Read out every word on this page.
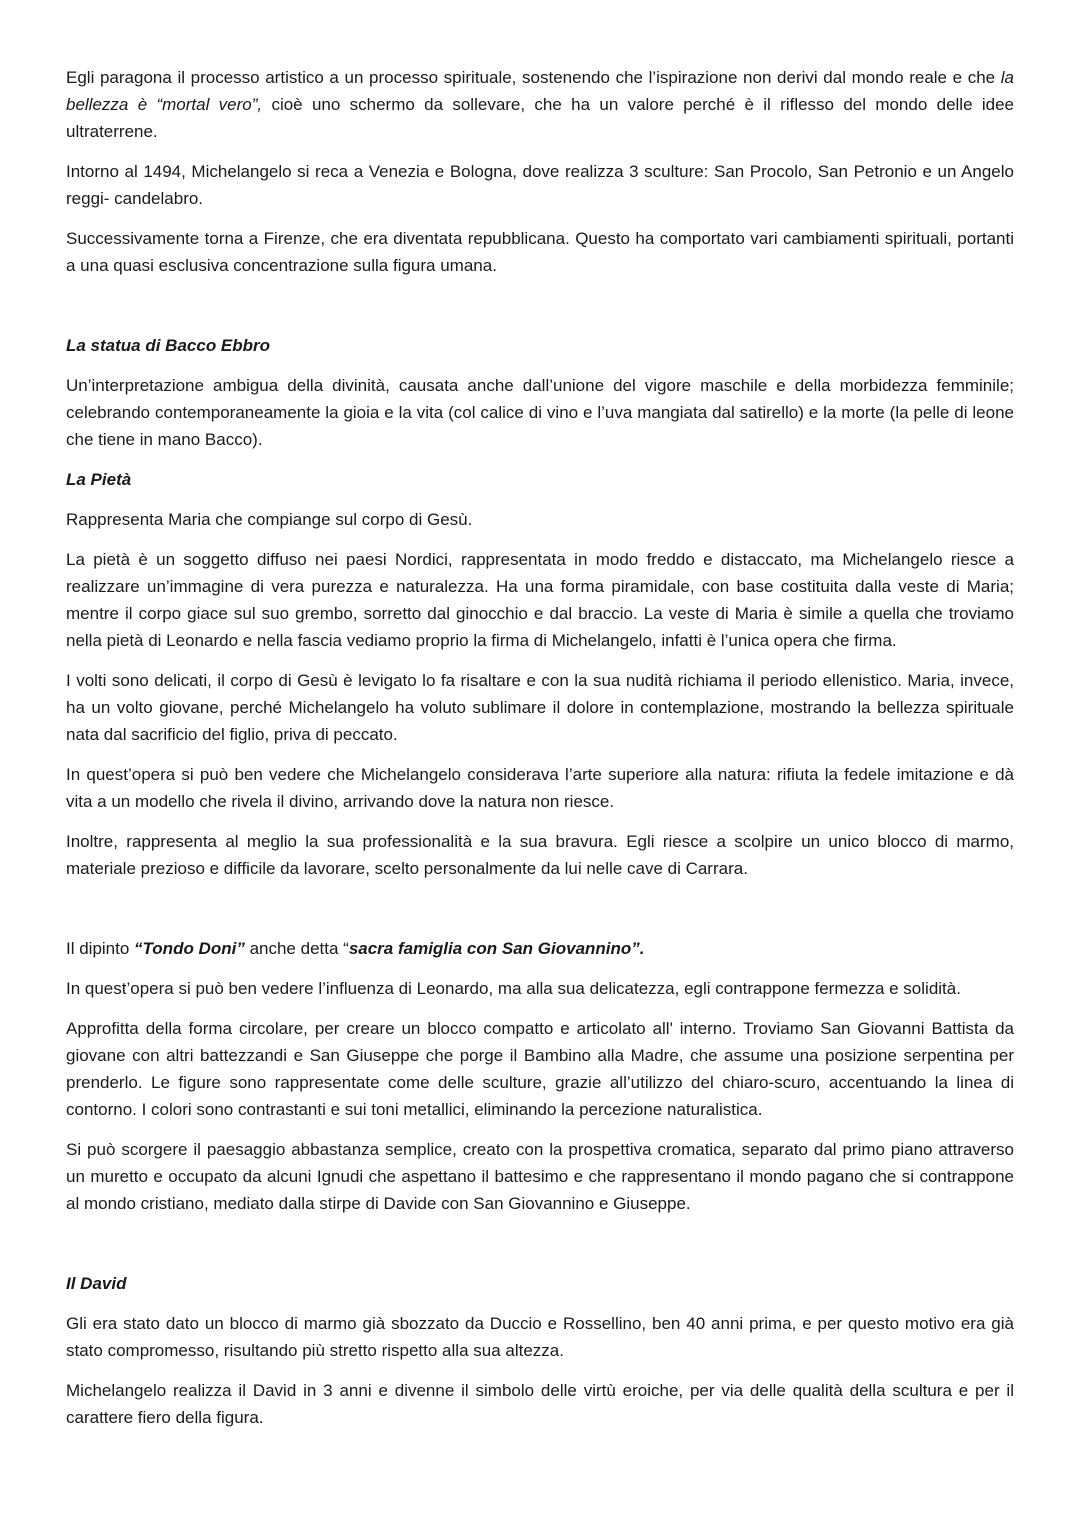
Egli paragona il processo artistico a un processo spirituale, sostenendo che l’ispirazione non derivi dal mondo reale e che la bellezza è “mortal vero”, cioè uno schermo da sollevare, che ha un valore perché è il riflesso del mondo delle idee ultraterrene.

Intorno al 1494, Michelangelo si reca a Venezia e Bologna, dove realizza 3 sculture: San Procolo, San Petronio e un Angelo reggi- candelabro.

Successivamente torna a Firenze, che era diventata repubblicana. Questo ha comportato vari cambiamenti spirituali, portanti a una quasi esclusiva concentrazione sulla figura umana.

La statua di Bacco Ebbro

Un’interpretazione ambigua della divinità, causata anche dall’unione del vigore maschile e della morbidezza femminile; celebrando contemporaneamente la gioia e la vita (col calice di vino e l’uva mangiata dal satirello) e la morte (la pelle di leone che tiene in mano Bacco).

La Pietà

Rappresenta Maria che compiange sul corpo di Gesù.

La pietà è un soggetto diffuso nei paesi Nordici, rappresentata in modo freddo e distaccato, ma Michelangelo riesce a realizzare un’immagine di vera purezza e naturalezza. Ha una forma piramidale, con base costituita dalla veste di Maria; mentre il corpo giace sul suo grembo, sorretto dal ginocchio e dal braccio. La veste di Maria è simile a quella che troviamo nella pietà di Leonardo e nella fascia vediamo proprio la firma di Michelangelo, infatti è l’unica opera che firma.

I volti sono delicati, il corpo di Gesù è levigato lo fa risaltare e con la sua nudità richiama il periodo ellenistico. Maria, invece, ha un volto giovane, perché Michelangelo ha voluto sublimare il dolore in contemplazione, mostrando la bellezza spirituale nata dal sacrificio del figlio, priva di peccato.

In quest’opera si può ben vedere che Michelangelo considerava l’arte superiore alla natura: rifiuta la fedele imitazione e dà vita a un modello che rivela il divino, arrivando dove la natura non riesce.

Inoltre, rappresenta al meglio la sua professionalità e la sua bravura. Egli riesce a scolpire un unico blocco di marmo, materiale prezioso e difficile da lavorare, scelto personalmente da lui nelle cave di Carrara.

Il dipinto “Tondo Doni” anche detta “sacra famiglia con San Giovannino”.

In quest’opera si può ben vedere l’influenza di Leonardo, ma alla sua delicatezza, egli contrappone fermezza e solidità.

Approfitta della forma circolare, per creare un blocco compatto e articolato all' interno. Troviamo San Giovanni Battista da giovane con altri battezzandi e San Giuseppe che porge il Bambino alla Madre, che assume una posizione serpentina per prenderlo. Le figure sono rappresentate come delle sculture, grazie all’utilizzo del chiaro-scuro, accentuando la linea di contorno. I colori sono contrastanti e sui toni metallici, eliminando la percezione naturalistica.

Si può scorgere il paesaggio abbastanza semplice, creato con la prospettiva cromatica, separato dal primo piano attraverso un muretto e occupato da alcuni Ignudi che aspettano il battesimo e che rappresentano il mondo pagano che si contrappone al mondo cristiano, mediato dalla stirpe di Davide con San Giovannino e Giuseppe.

Il David

Gli era stato dato un blocco di marmo già sbozzato da Duccio e Rossellino, ben 40 anni prima, e per questo motivo era già stato compromesso, risultando più stretto rispetto alla sua altezza.

Michelangelo realizza il David in 3 anni e divenne il simbolo delle virtù eroiche, per via delle qualità della scultura e per il carattere fiero della figura.
